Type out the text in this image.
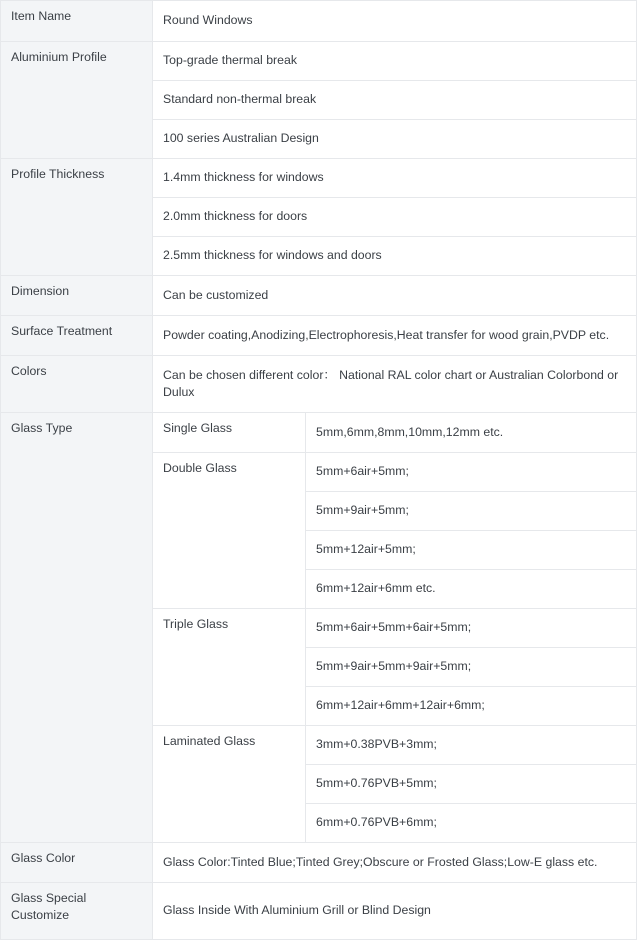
Item Name	Round Windows	
Aluminium Profile	Top-grade thermal break	
	Standard non-thermal break	
	100 series Australian Design	
Profile Thickness	1.4mm thickness for windows	
	2.0mm thickness for doors	
	2.5mm thickness for windows and doors	
Dimension	Can be customized	
Surface Treatment	Powder coating,Anodizing,Electrophoresis,Heat transfer for wood grain,PVDP etc.	
Colors	Can be chosen different color： National RAL color chart or Australian Colorbond or Dulux	
Glass Type	Single Glass	5mm,6mm,8mm,10mm,12mm etc.
	Double Glass	5mm+6air+5mm;
		5mm+9air+5mm;
		5mm+12air+5mm;
		6mm+12air+6mm etc.
	Triple Glass	5mm+6air+5mm+6air+5mm;
		5mm+9air+5mm+9air+5mm;
		6mm+12air+6mm+12air+6mm;
	Laminated Glass	3mm+0.38PVB+3mm;
		5mm+0.76PVB+5mm;
		6mm+0.76PVB+6mm;
Glass Color	Glass Color:Tinted Blue;Tinted Grey;Obscure or Frosted Glass;Low-E glass etc.	
Glass Special Customize	Glass Inside With Aluminium Grill or Blind Design	
